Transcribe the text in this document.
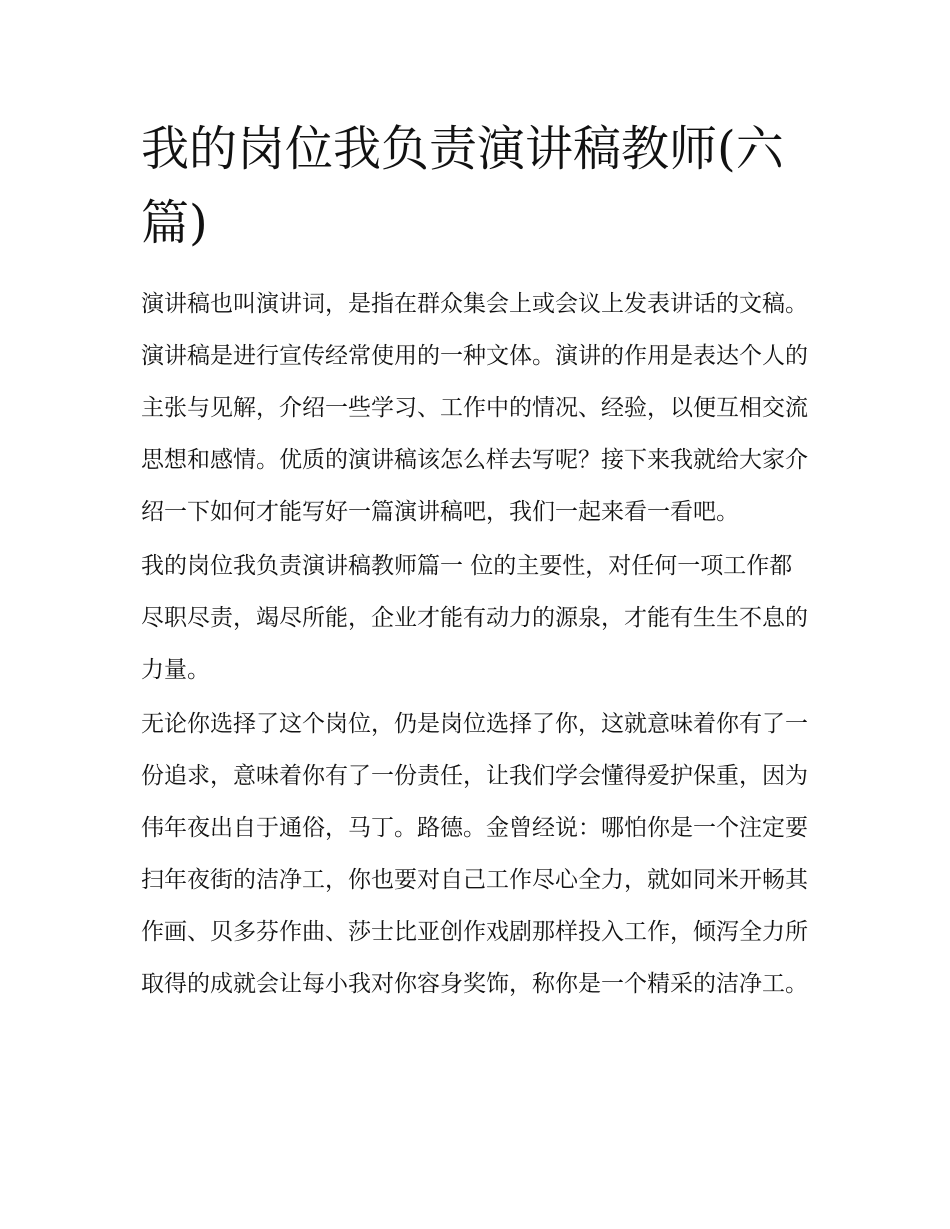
我的岗位我负责演讲稿教师(六篇)

演讲稿也叫演讲词，是指在群众集会上或会议上发表讲话的文稿。演讲稿是进行宣传经常使用的一种文体。演讲的作用是表达个人的主张与见解，介绍一些学习、工作中的情况、经验，以便互相交流思想和感情。优质的演讲稿该怎么样去写呢？接下来我就给大家介绍一下如何才能写好一篇演讲稿吧，我们一起来看一看吧。

我的岗位我负责演讲稿教师篇一 位的主要性，对任何一项工作都尽职尽责，竭尽所能，企业才能有动力的源泉，才能有生生不息的力量。

无论你选择了这个岗位，仍是岗位选择了你，这就意味着你有了一份追求，意味着你有了一份责任，让我们学会懂得爱护保重，因为伟年夜出自于通俗，马丁。路德。金曾经说：哪怕你是一个注定要扫年夜街的洁净工，你也要对自己工作尽心全力，就如同米开畅其作画、贝多芬作曲、莎士比亚创作戏剧那样投入工作，倾泻全力所取得的成就会让每小我对你容身奖饰，称你是一个精采的洁净工。
